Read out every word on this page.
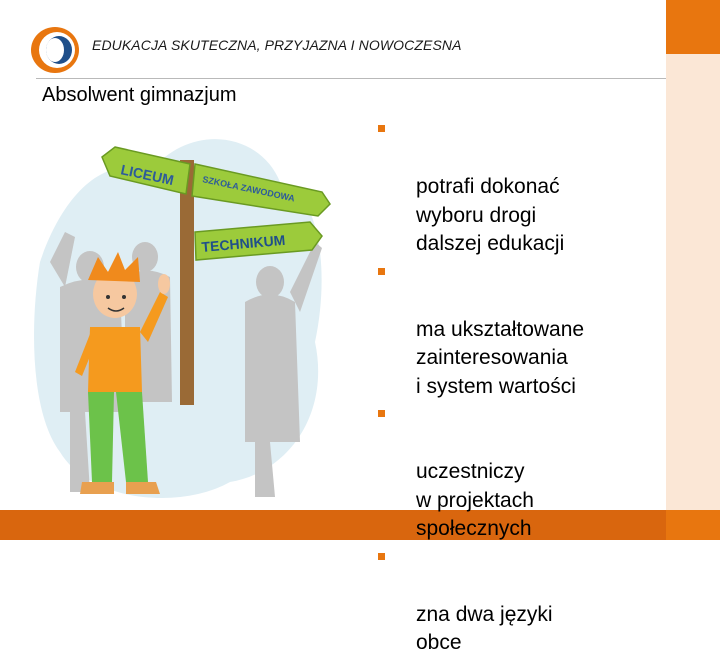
EDUKACJA SKUTECZNA, PRZYJAZNA I NOWOCZESNA
Absolwent gimnazjum
LICEUM	SZKOŁA ZAWODOWA
TECHNIKUM

potrafi dokonać
wyboru drogi
dalszej edukacji

ma ukształtowane
zainteresowania
i system wartości

uczestniczy
w projektach
społecznych

zna dwa języki
obce
